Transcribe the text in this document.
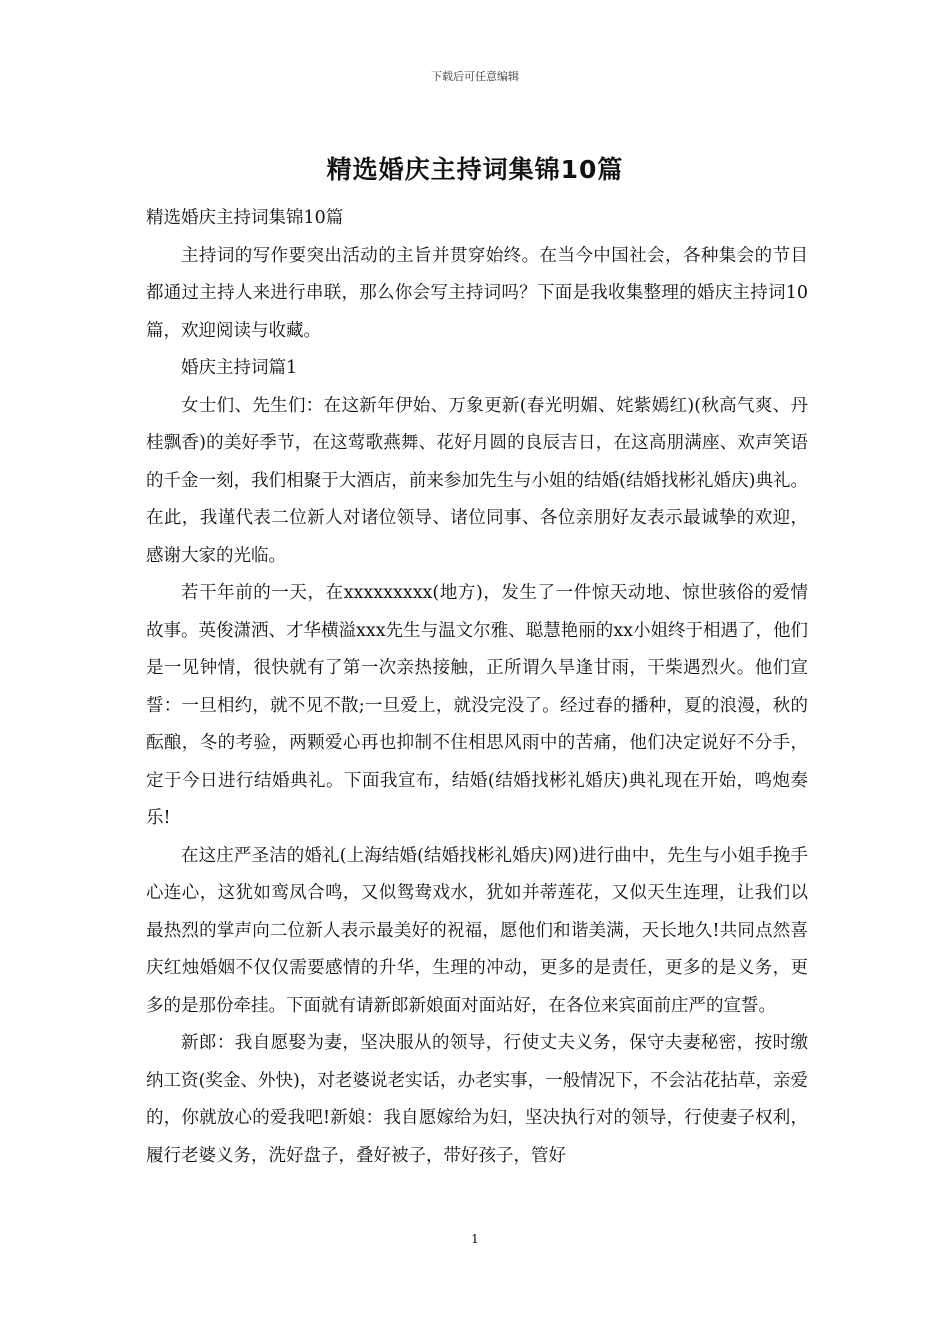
下载后可任意编辑
精选婚庆主持词集锦10篇

精选婚庆主持词集锦10篇

主持词的写作要突出活动的主旨并贯穿始终。在当今中国社会，各种集会的节目都通过主持人来进行串联，那么你会写主持词吗？下面是我收集整理的婚庆主持词10篇，欢迎阅读与收藏。

婚庆主持词篇1

女士们、先生们：在这新年伊始、万象更新(春光明媚、姹紫嫣红)(秋高气爽、丹桂飘香)的美好季节，在这莺歌燕舞、花好月圆的良辰吉日，在这高朋满座、欢声笑语的千金一刻，我们相聚于大酒店，前来参加先生与小姐的结婚(结婚找彬礼婚庆)典礼。在此，我谨代表二位新人对诸位领导、诸位同事、各位亲朋好友表示最诚挚的欢迎，感谢大家的光临。

若干年前的一天，在xxxxxxxxx(地方)，发生了一件惊天动地、惊世骇俗的爱情故事。英俊潇洒、才华横溢xxx先生与温文尔雅、聪慧艳丽的xx小姐终于相遇了，他们是一见钟情，很快就有了第一次亲热接触，正所谓久旱逢甘雨，干柴遇烈火。他们宣誓：一旦相约，就不见不散;一旦爱上，就没完没了。经过春的播种，夏的浪漫，秋的酝酿，冬的考验，两颗爱心再也抑制不住相思风雨中的苦痛，他们决定说好不分手，定于今日进行结婚典礼。下面我宣布，结婚(结婚找彬礼婚庆)典礼现在开始，鸣炮奏乐!

在这庄严圣洁的婚礼(上海结婚(结婚找彬礼婚庆)网)进行曲中，先生与小姐手挽手心连心，这犹如鸾凤合鸣，又似鸳鸯戏水，犹如并蒂莲花，又似天生连理，让我们以最热烈的掌声向二位新人表示最美好的祝福，愿他们和谐美满，天长地久!共同点然喜庆红烛婚姻不仅仅需要感情的升华，生理的冲动，更多的是责任，更多的是义务，更多的是那份牵挂。下面就有请新郎新娘面对面站好，在各位来宾面前庄严的宣誓。

新郎：我自愿娶为妻，坚决服从的领导，行使丈夫义务，保守夫妻秘密，按时缴纳工资(奖金、外快)，对老婆说老实话，办老实事，一般情况下，不会沾花拈草，亲爱的，你就放心的爱我吧!新娘：我自愿嫁给为妇，坚决执行对的领导，行使妻子权利，履行老婆义务，洗好盘子，叠好被子，带好孩子，管好

1
